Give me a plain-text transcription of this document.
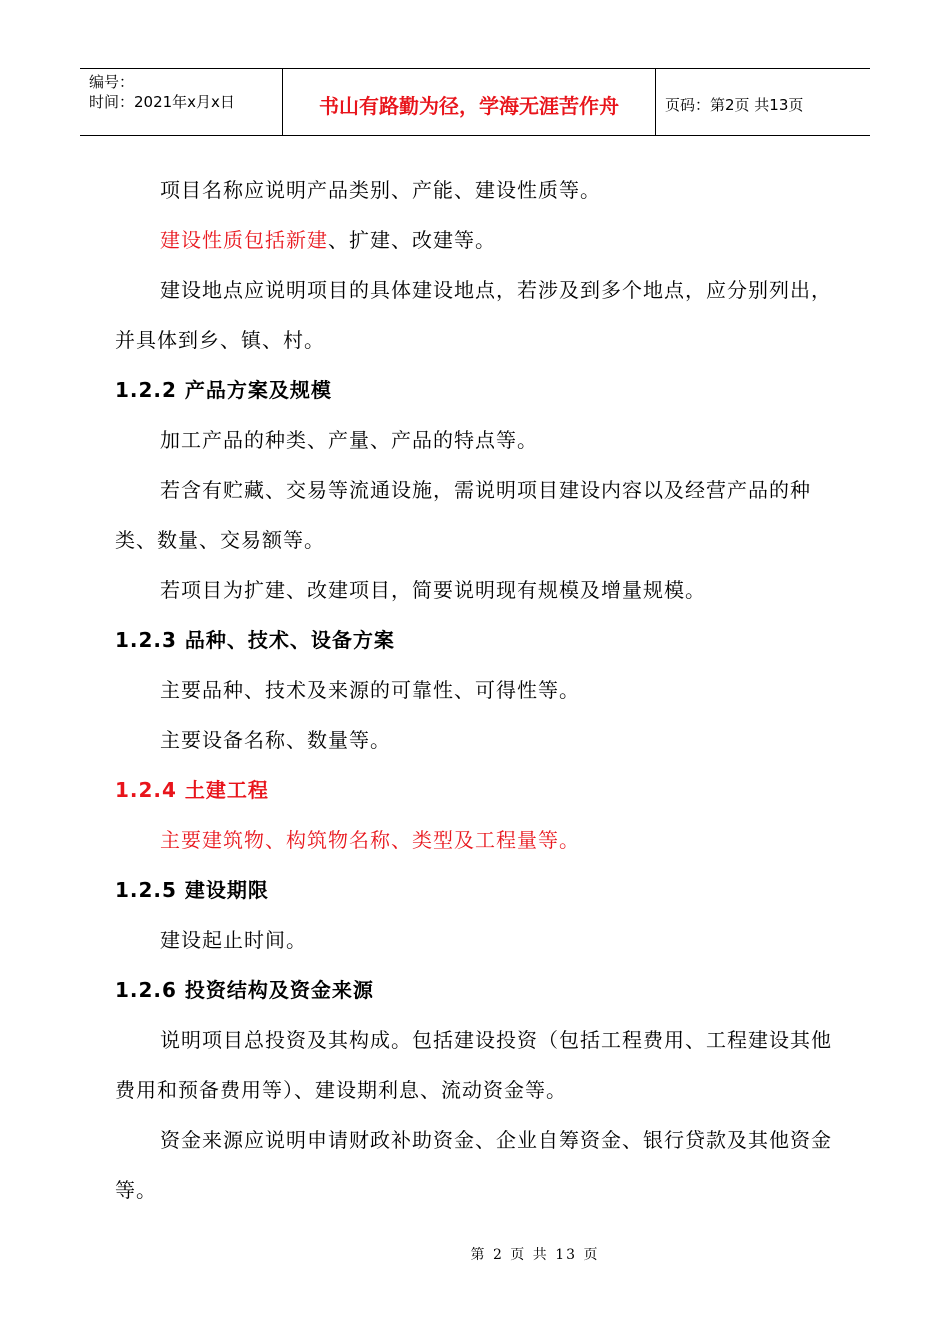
编号：
时间：2021年x月x日	书山有路勤为径，学海无涯苦作舟	页码：第2页 共13页

项目名称应说明产品类别、产能、建设性质等。

建设性质包括新建、扩建、改建等。

建设地点应说明项目的具体建设地点，若涉及到多个地点，应分别列出，并具体到乡、镇、村。

1.2.2 产品方案及规模

加工产品的种类、产量、产品的特点等。

若含有贮藏、交易等流通设施，需说明项目建设内容以及经营产品的种类、数量、交易额等。

若项目为扩建、改建项目，简要说明现有规模及增量规模。

1.2.3 品种、技术、设备方案

主要品种、技术及来源的可靠性、可得性等。

主要设备名称、数量等。

1.2.4 土建工程

主要建筑物、构筑物名称、类型及工程量等。

1.2.5 建设期限

建设起止时间。

1.2.6 投资结构及资金来源

说明项目总投资及其构成。包括建设投资（包括工程费用、工程建设其他费用和预备费用等）、建设期利息、流动资金等。

资金来源应说明申请财政补助资金、企业自筹资金、银行贷款及其他资金等。

第 2 页 共 13 页
